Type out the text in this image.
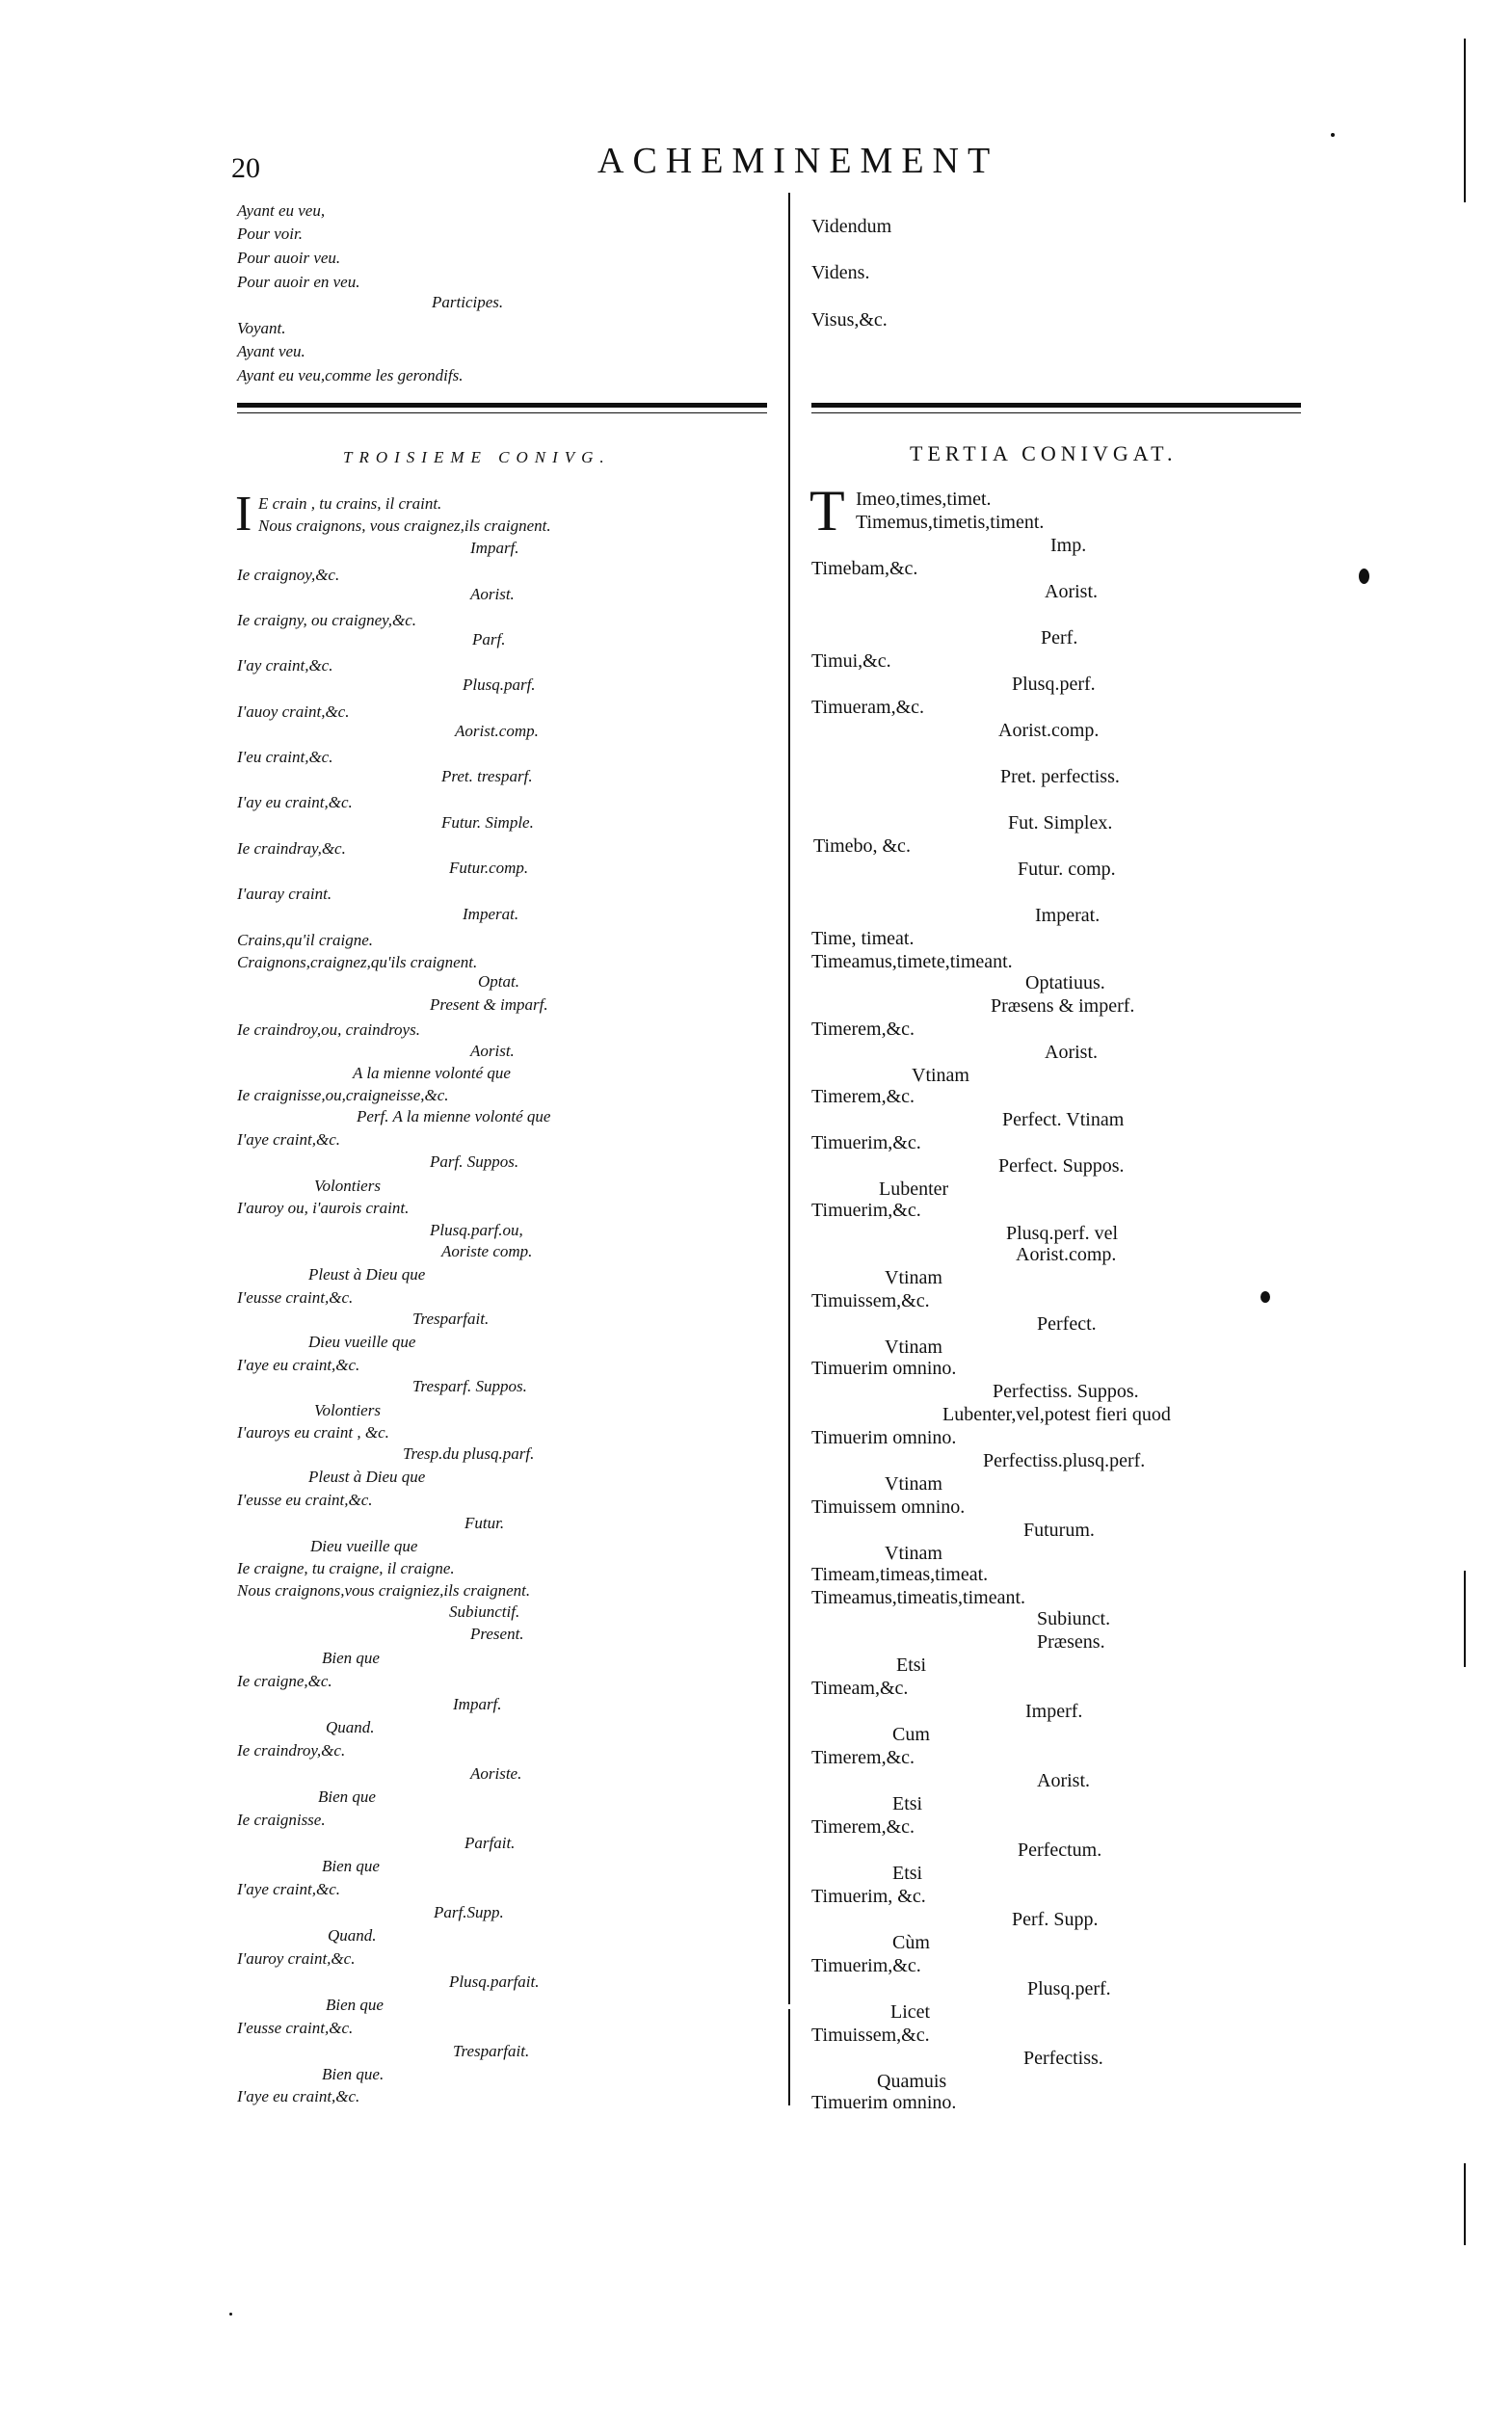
20	ACHEMINEMENT
Ayant eu veu,
Pour voir.
Pour auoir veu.
Pour auoir en veu.
Participes.
Voyant.
Ayant veu.
Ayant eu veu,comme les gerondifs.
Videndum
Videns.
Visus,&c.
TROISIEME CONIVG.	TERTIA CONIVGAT.
I E crain , tu crains, il craint.
Nous craignons, vous craignez,ils craignent.
Imparf.
Ie craignoy,&c.
Aorist.
Ie craigny, ou craigney,&c.
Parf.
I'ay craint,&c.
Plusq.parf.
I'auoy craint,&c.
Aorist.comp.
I'eu craint,&c.
Pret. tresparf.
I'ay eu craint,&c.
Futur. Simple.
Ie craindray,&c.
Futur.comp.
I'auray craint.
Imperat.
Crains,qu'il craigne.
Craignons,craignez,qu'ils craignent.
Optat.
Present & imparf.
Ie craindroy,ou, craindroys.
Aorist.
A la mienne volonté que
Ie craignisse,ou,craigneisse,&c.
Perf. A la mienne volonté que
I'aye craint,&c.
Parf. Suppos.
Volontiers
I'auroy ou, i'aurois craint.
Plusq.parf.ou,
Aoriste comp.
Pleust à Dieu que
I'eusse craint,&c.
Tresparfait.
Dieu vueille que
I'aye eu craint,&c.
Tresparf. Suppos.
Volontiers
I'auroys eu craint , &c.
Tresp.du plusq.parf.
Pleust à Dieu que
I'eusse eu craint,&c.
Futur.
Dieu vueille que
Ie craigne, tu craigne, il craigne.
Nous craignons,vous craigniez,ils craignent.
Subiunctif.
Present.
Bien que
Ie craigne,&c.
Imparf.
Quand.
Ie craindroy,&c.
Aoriste.
Bien que
Ie craignisse.
Parfait.
Bien que
I'aye craint,&c.
Parf.Supp.
Quand.
I'auroy craint,&c.
Plusq.parfait.
Bien que
I'eusse craint,&c.
Tresparfait.
Bien que.
I'aye eu craint,&c.
T Imeo,times,timet.
Timemus,timetis,timent.
Imp.
Timebam,&c.
Aorist.
Perf.
Timui,&c.
Plusq.perf.
Timueram,&c.
Aorist.comp.
Pret. perfectiss.
Fut. Simplex.
Timebo, &c.
Futur. comp.
Imperat.
Time, timeat.
Timeamus,timete,timeant.
Optatiuus.
Præsens & imperf.
Timerem,&c.
Aorist.
Vtinam
Timerem,&c.
Perfect. Vtinam
Timuerim,&c.
Perfect. Suppos.
Lubenter
Timuerim,&c.
Plusq.perf. vel
Aorist.comp.
Vtinam
Timuissem,&c.
Perfect.
Vtinam
Timuerim omnino.
Perfectiss. Suppos.
Lubenter,vel,potest fieri quod
Timuerim omnino.
Perfectiss.plusq.perf.
Vtinam
Timuissem omnino.
Futurum.
Vtinam
Timeam,timeas,timeat.
Timeamus,timeatis,timeant.
Subiunct.
Præsens.
Etsi
Timeam,&c.
Imperf.
Cum
Timerem,&c.
Aorist.
Etsi
Timerem,&c.
Perfectum.
Etsi
Timuerim, &c.
Perf. Supp.
Cùm
Timuerim,&c.
Plusq.perf.
Licet
Timuissem,&c.
Perfectiss.
Quamuis
Timuerim omnino.
